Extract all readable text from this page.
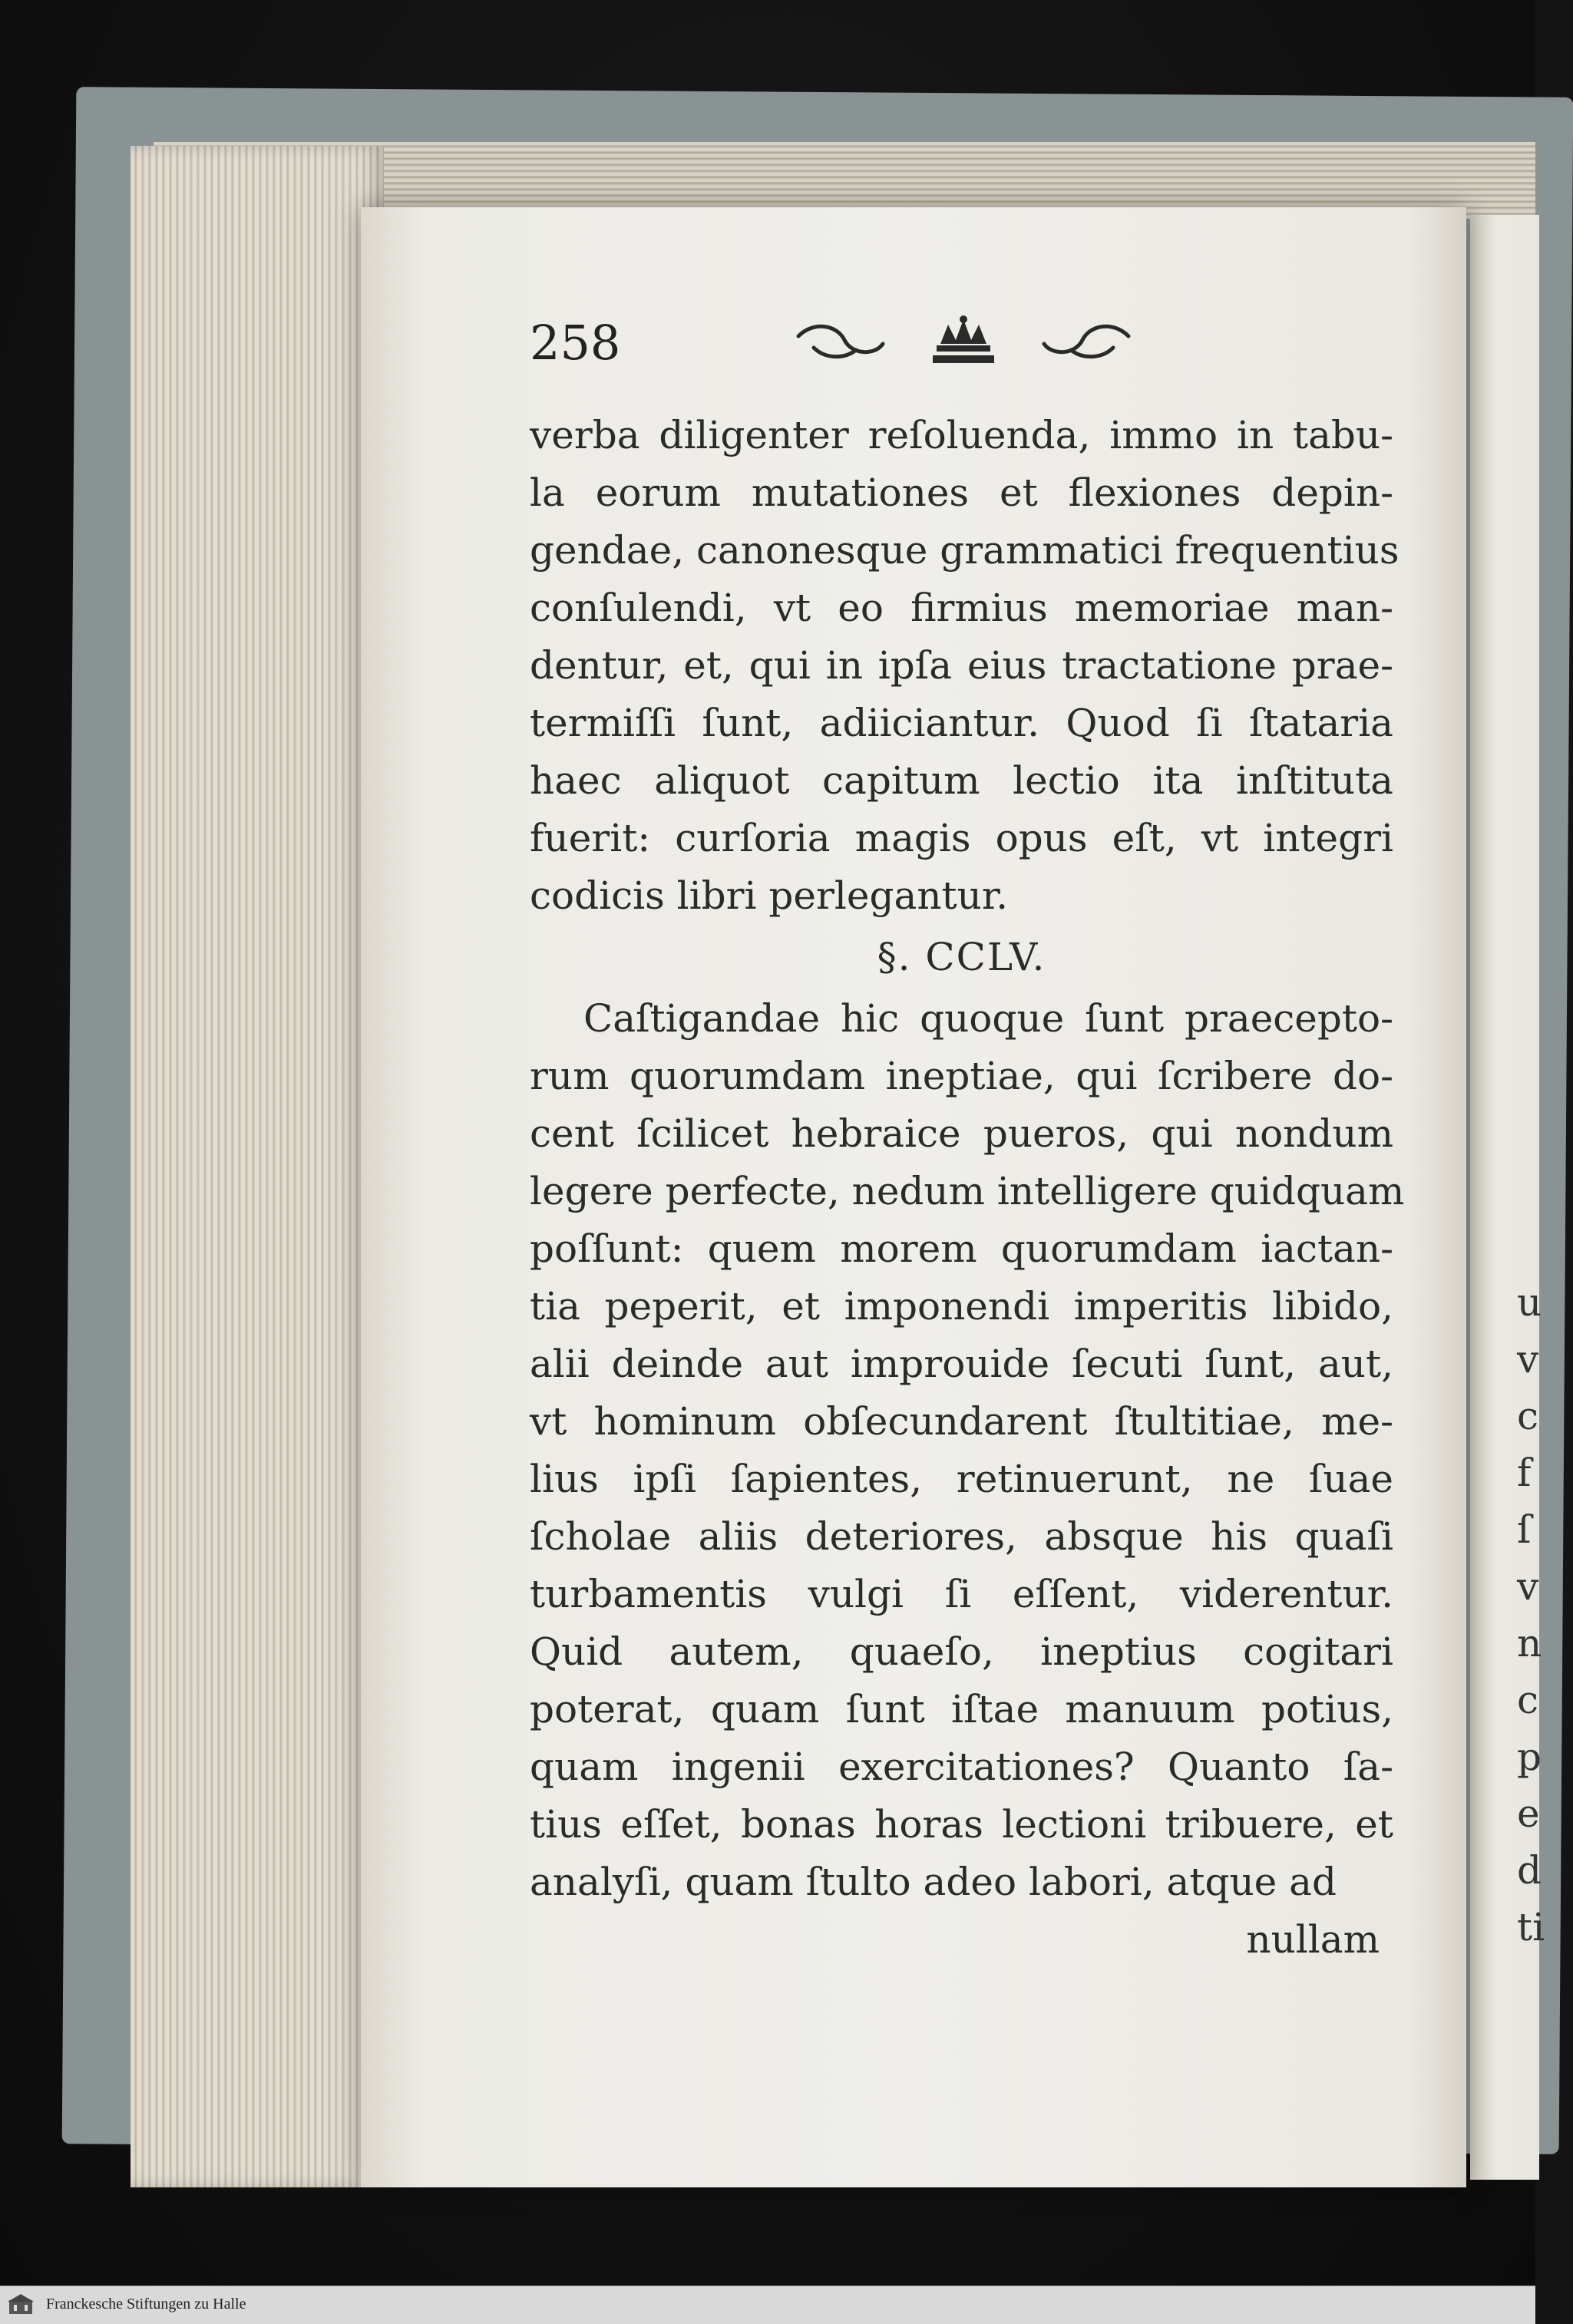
u
v
c
f
ſ
v
n
c
p
e
d
ti
258
verba diligenter reſoluenda, immo in tabu-
la eorum mutationes et flexiones depin-
gendae, canonesque grammatici frequentius
conſulendi, vt eo firmius memoriae man-
dentur, et, qui in ipſa eius tractatione prae-
termiſſi ſunt, adiiciantur. Quod ſi ſtataria
haec aliquot capitum lectio ita inſtituta
fuerit: curſoria magis opus eſt, vt integri
codicis libri perlegantur.
§. CCLV.
Caſtigandae hic quoque ſunt praecepto-
rum quorumdam ineptiae, qui ſcribere do-
cent ſcilicet hebraice pueros, qui nondum
legere perfecte, nedum intelligere quidquam
poſſunt: quem morem quorumdam iactan-
tia peperit, et imponendi imperitis libido,
alii deinde aut improuide ſecuti ſunt, aut,
vt hominum obſecundarent ſtultitiae, me-
lius ipſi ſapientes, retinuerunt, ne ſuae
ſcholae aliis deteriores, absque his quaſi
turbamentis vulgi ſi eſſent, viderentur.
Quid autem, quaeſo, ineptius cogitari
poterat, quam ſunt iſtae manuum potius,
quam ingenii exercitationes? Quanto ſa-
tius eſſet, bonas horas lectioni tribuere, et
analyſi, quam ſtulto adeo labori, atque ad
nullam
Franckesche Stiftungen zu Halle
